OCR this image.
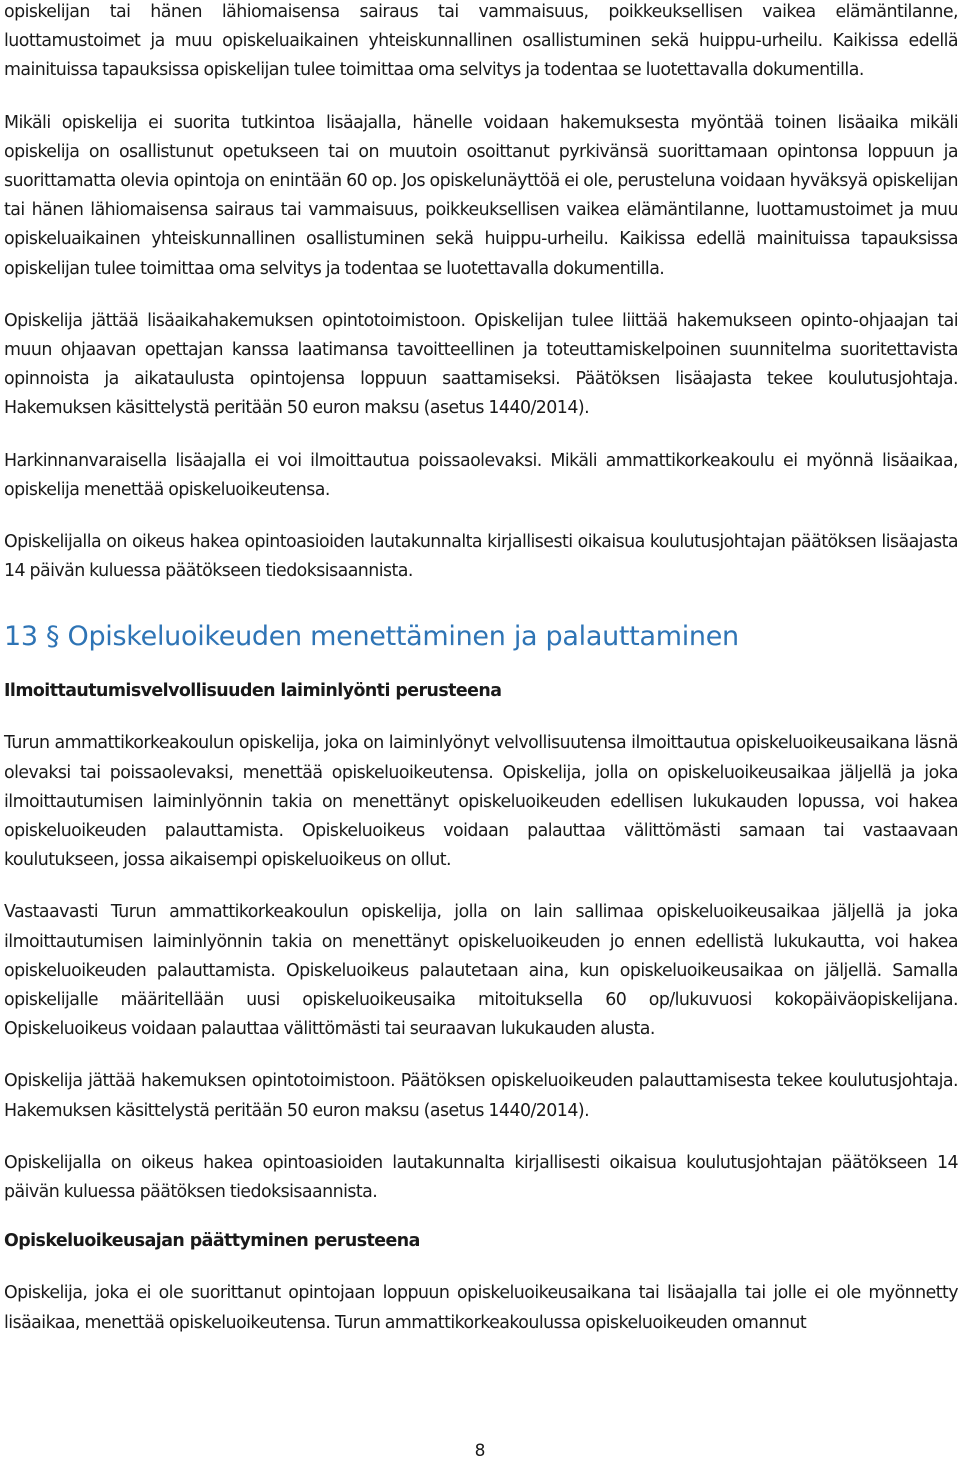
opiskelijan tai hänen lähiomaisensa sairaus tai vammaisuus, poikkeuksellisen vaikea elämäntilanne, luottamustoimet ja muu opiskeluaikainen yhteiskunnallinen osallistuminen sekä huippu-urheilu. Kaikissa edellä mainituissa tapauksissa opiskelijan tulee toimittaa oma selvitys ja todentaa se luotettavalla dokumentilla.

Mikäli opiskelija ei suorita tutkintoa lisäajalla, hänelle voidaan hakemuksesta myöntää toinen lisäaika mikäli opiskelija on osallistunut opetukseen tai on muutoin osoittanut pyrkivänsä suorittamaan opintonsa loppuun ja suorittamatta olevia opintoja on enintään 60 op. Jos opiskelunäyttöä ei ole, perusteluna voidaan hyväksyä opiskelijan tai hänen lähiomaisensa sairaus tai vammaisuus, poikkeuksellisen vaikea elämäntilanne, luottamustoimet ja muu opiskeluaikainen yhteiskunnallinen osallistuminen sekä huippu-urheilu. Kaikissa edellä mainituissa tapauksissa opiskelijan tulee toimittaa oma selvitys ja todentaa se luotettavalla dokumentilla.

Opiskelija jättää lisäaikahakemuksen opintotoimistoon. Opiskelijan tulee liittää hakemukseen opinto-ohjaajan tai muun ohjaavan opettajan kanssa laatimansa tavoitteellinen ja toteuttamiskelpoinen suunnitelma suoritettavista opinnoista ja aikataulusta opintojensa loppuun saattamiseksi. Päätöksen lisäajasta tekee koulutusjohtaja. Hakemuksen käsittelystä peritään 50 euron maksu (asetus 1440/2014).

Harkinnanvaraisella lisäajalla ei voi ilmoittautua poissaolevaksi. Mikäli ammattikorkeakoulu ei myönnä lisäaikaa, opiskelija menettää opiskeluoikeutensa.

Opiskelijalla on oikeus hakea opintoasioiden lautakunnalta kirjallisesti oikaisua koulutusjohtajan päätöksen lisäajasta 14 päivän kuluessa päätökseen tiedoksisaannista.

13 § Opiskeluoikeuden menettäminen ja palauttaminen
Ilmoittautumisvelvollisuuden laiminlyönti perusteena

Turun ammattikorkeakoulun opiskelija, joka on laiminlyönyt velvollisuutensa ilmoittautua opiskeluoikeusaikana läsnä olevaksi tai poissaolevaksi, menettää opiskeluoikeutensa. Opiskelija, jolla on opiskeluoikeusaikaa jäljellä ja joka ilmoittautumisen laiminlyönnin takia on menettänyt opiskeluoikeuden edellisen lukukauden lopussa, voi hakea opiskeluoikeuden palauttamista. Opiskeluoikeus voidaan palauttaa välittömästi samaan tai vastaavaan koulutukseen, jossa aikaisempi opiskeluoikeus on ollut.

Vastaavasti Turun ammattikorkeakoulun opiskelija, jolla on lain sallimaa opiskeluoikeusaikaa jäljellä ja joka ilmoittautumisen laiminlyönnin takia on menettänyt opiskeluoikeuden jo ennen edellistä lukukautta, voi hakea opiskeluoikeuden palauttamista. Opiskeluoikeus palautetaan aina, kun opiskeluoikeusaikaa on jäljellä. Samalla opiskelijalle määritellään uusi opiskeluoikeusaika mitoituksella 60 op/lukuvuosi kokopäiväopiskelijana. Opiskeluoikeus voidaan palauttaa välittömästi tai seuraavan lukukauden alusta.

Opiskelija jättää hakemuksen opintotoimistoon. Päätöksen opiskeluoikeuden palauttamisesta tekee koulutusjohtaja. Hakemuksen käsittelystä peritään 50 euron maksu (asetus 1440/2014).

Opiskelijalla on oikeus hakea opintoasioiden lautakunnalta kirjallisesti oikaisua koulutusjohtajan päätökseen 14 päivän kuluessa päätöksen tiedoksisaannista.

Opiskeluoikeusajan päättyminen perusteena

Opiskelija, joka ei ole suorittanut opintojaan loppuun opiskeluoikeusaikana tai lisäajalla tai jolle ei ole myönnetty lisäaikaa, menettää opiskeluoikeutensa. Turun ammattikorkeakoulussa opiskeluoikeuden omannut

8
